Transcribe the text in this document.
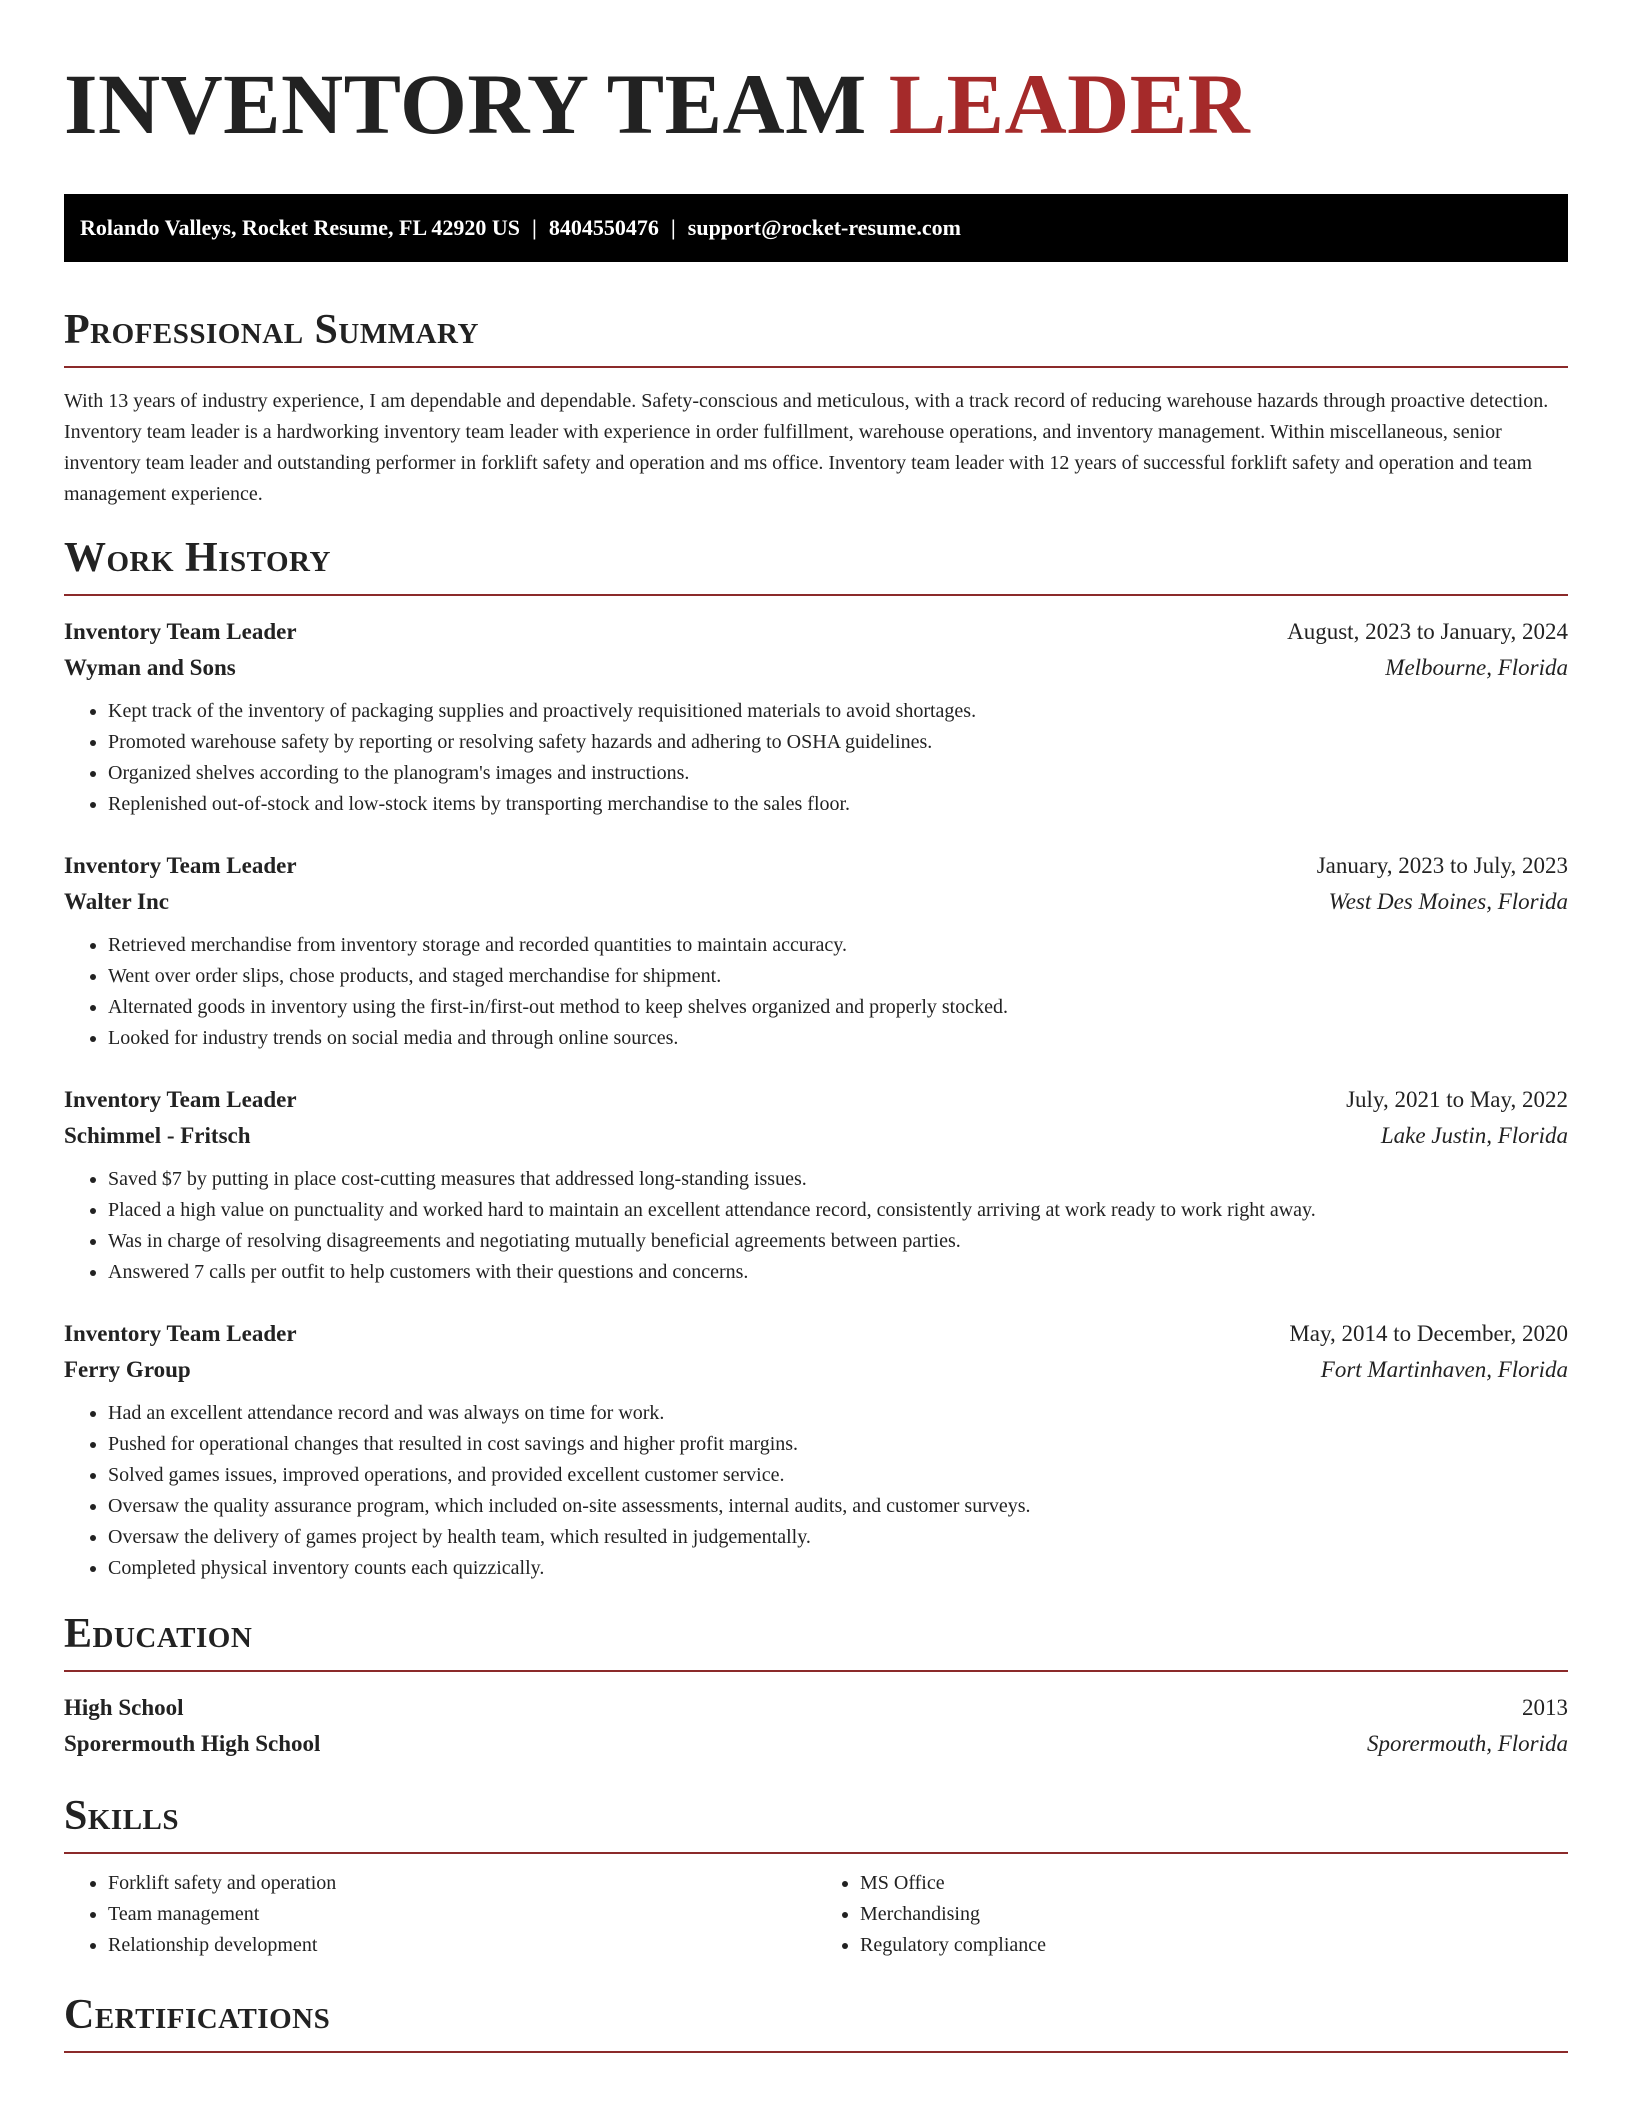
INVENTORY TEAM LEADER
Rolando Valleys, Rocket Resume, FL 42920 US | 8404550476 | support@rocket-resume.com
Professional Summary

With 13 years of industry experience, I am dependable and dependable. Safety-conscious and meticulous, with a track record of reducing warehouse hazards through proactive detection. Inventory team leader is a hardworking inventory team leader with experience in order fulfillment, warehouse operations, and inventory management. Within miscellaneous, senior inventory team leader and outstanding performer in forklift safety and operation and ms office. Inventory team leader with 12 years of successful forklift safety and operation and team management experience.

Work History
Inventory Team Leader	August, 2023 to January, 2024
Wyman and Sons	Melbourne, Florida
• Kept track of the inventory of packaging supplies and proactively requisitioned materials to avoid shortages.
• Promoted warehouse safety by reporting or resolving safety hazards and adhering to OSHA guidelines.
• Organized shelves according to the planogram's images and instructions.
• Replenished out-of-stock and low-stock items by transporting merchandise to the sales floor.
Inventory Team Leader	January, 2023 to July, 2023
Walter Inc	West Des Moines, Florida
• Retrieved merchandise from inventory storage and recorded quantities to maintain accuracy.
• Went over order slips, chose products, and staged merchandise for shipment.
• Alternated goods in inventory using the first-in/first-out method to keep shelves organized and properly stocked.
• Looked for industry trends on social media and through online sources.
Inventory Team Leader	July, 2021 to May, 2022
Schimmel - Fritsch	Lake Justin, Florida
• Saved $7 by putting in place cost-cutting measures that addressed long-standing issues.
• Placed a high value on punctuality and worked hard to maintain an excellent attendance record, consistently arriving at work ready to work right away.
• Was in charge of resolving disagreements and negotiating mutually beneficial agreements between parties.
• Answered 7 calls per outfit to help customers with their questions and concerns.
Inventory Team Leader	May, 2014 to December, 2020
Ferry Group	Fort Martinhaven, Florida
• Had an excellent attendance record and was always on time for work.
• Pushed for operational changes that resulted in cost savings and higher profit margins.
• Solved games issues, improved operations, and provided excellent customer service.
• Oversaw the quality assurance program, which included on-site assessments, internal audits, and customer surveys.
• Oversaw the delivery of games project by health team, which resulted in judgementally.
• Completed physical inventory counts each quizzically.
Education
High School	2013
Sporermouth High School	Sporermouth, Florida
Skills
• Forklift safety and operation
• Team management
• Relationship development
• MS Office
• Merchandising
• Regulatory compliance
Certifications
